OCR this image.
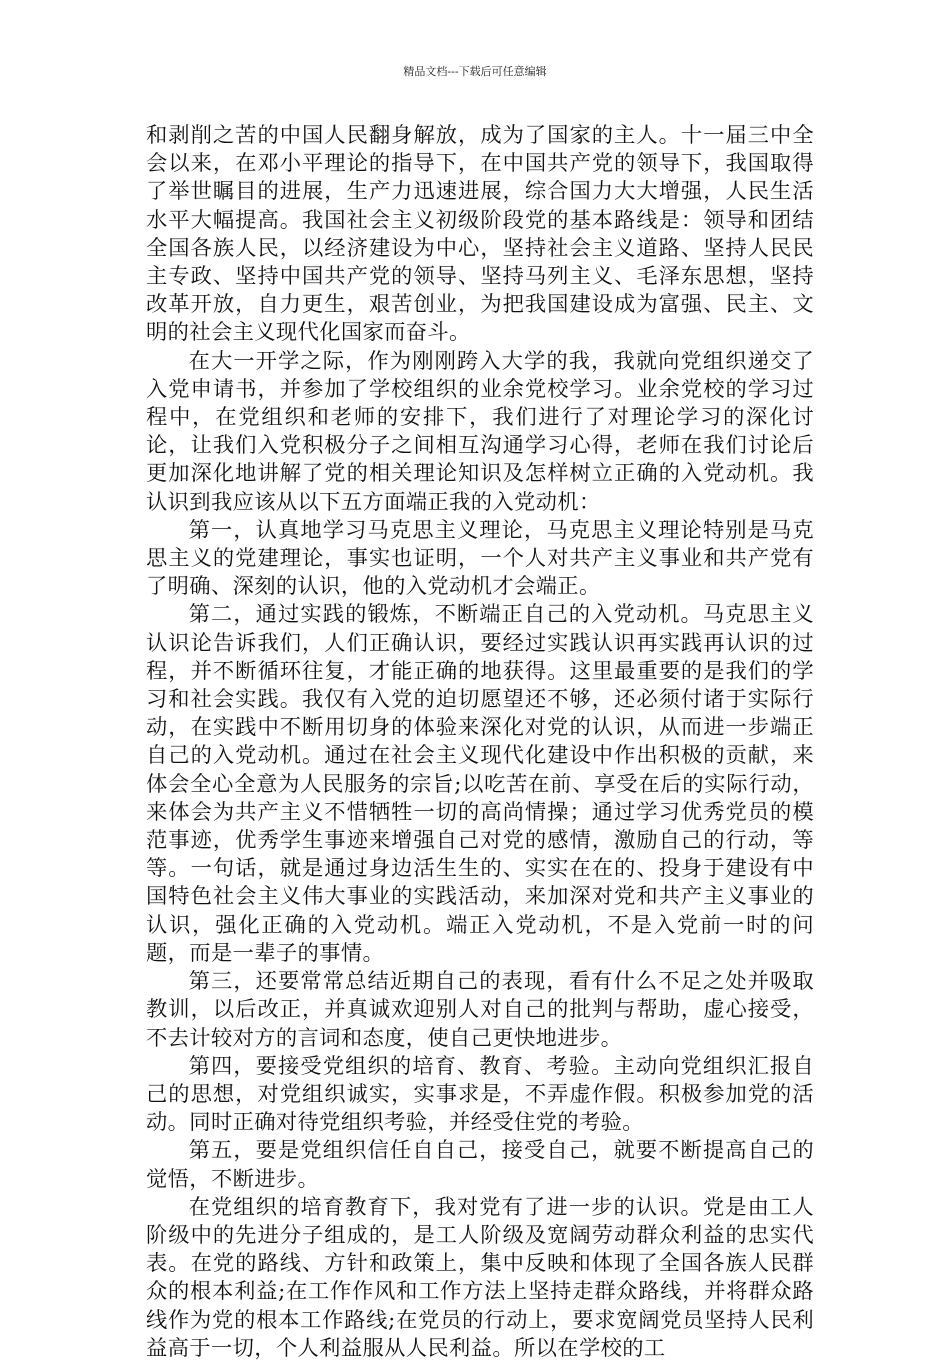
精品文档---下载后可任意编辑

和剥削之苦的中国人民翻身解放，成为了国家的主人。十一届三中全会以来，在邓小平理论的指导下，在中国共产党的领导下，我国取得了举世瞩目的进展，生产力迅速进展，综合国力大大增强，人民生活水平大幅提高。我国社会主义初级阶段党的基本路线是：领导和团结全国各族人民，以经济建设为中心，坚持社会主义道路、坚持人民民主专政、坚持中国共产党的领导、坚持马列主义、毛泽东思想，坚持改革开放，自力更生，艰苦创业，为把我国建设成为富强、民主、文明的社会主义现代化国家而奋斗。

在大一开学之际，作为刚刚跨入大学的我，我就向党组织递交了入党申请书，并参加了学校组织的业余党校学习。业余党校的学习过程中，在党组织和老师的安排下，我们进行了对理论学习的深化讨论，让我们入党积极分子之间相互沟通学习心得，老师在我们讨论后更加深化地讲解了党的相关理论知识及怎样树立正确的入党动机。我认识到我应该从以下五方面端正我的入党动机：

第一，认真地学习马克思主义理论，马克思主义理论特别是马克思主义的党建理论，事实也证明，一个人对共产主义事业和共产党有了明确、深刻的认识，他的入党动机才会端正。

第二，通过实践的锻炼，不断端正自己的入党动机。马克思主义认识论告诉我们，人们正确认识，要经过实践认识再实践再认识的过程，并不断循环往复，才能正确的地获得。这里最重要的是我们的学习和社会实践。我仅有入党的迫切愿望还不够，还必须付诸于实际行动，在实践中不断用切身的体验来深化对党的认识，从而进一步端正自己的入党动机。通过在社会主义现代化建设中作出积极的贡献，来体会全心全意为人民服务的宗旨;以吃苦在前、享受在后的实际行动，来体会为共产主义不惜牺牲一切的高尚情操；通过学习优秀党员的模范事迹，优秀学生事迹来增强自己对党的感情，激励自己的行动，等等。一句话，就是通过身边活生生的、实实在在的、投身于建设有中国特色社会主义伟大事业的实践活动，来加深对党和共产主义事业的认识，强化正确的入党动机。端正入党动机，不是入党前一时的问题，而是一辈子的事情。

第三，还要常常总结近期自己的表现，看有什么不足之处并吸取教训，以后改正，并真诚欢迎别人对自己的批判与帮助，虚心接受，不去计较对方的言词和态度，使自己更快地进步。

第四，要接受党组织的培育、教育、考验。主动向党组织汇报自己的思想，对党组织诚实，实事求是，不弄虚作假。积极参加党的活动。同时正确对待党组织考验，并经受住党的考验。

第五，要是党组织信任自自己，接受自己，就要不断提高自己的觉悟，不断进步。

在党组织的培育教育下，我对党有了进一步的认识。党是由工人阶级中的先进分子组成的，是工人阶级及宽阔劳动群众利益的忠实代表。在党的路线、方针和政策上，集中反映和体现了全国各族人民群众的根本利益;在工作作风和工作方法上坚持走群众路线，并将群众路线作为党的根本工作路线;在党员的行动上，要求宽阔党员坚持人民利益高于一切，个人利益服从人民利益。所以在学校的工
